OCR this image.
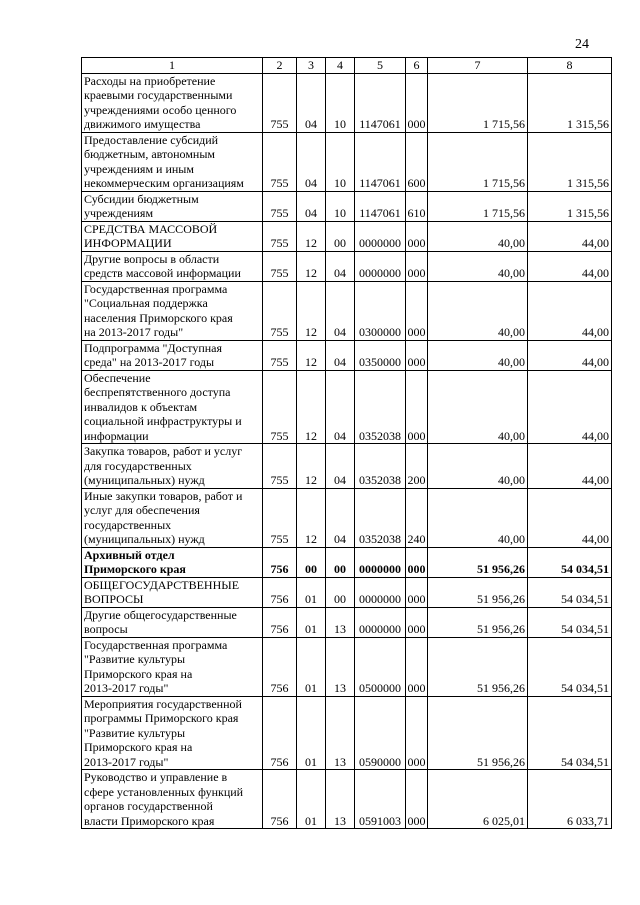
24
1	2	3	4	5	6	7	8

Расходы на приобретение
краевыми государственными
учреждениями особо ценного
движимого имущества	755	04	10	1147061	000	1 715,56	1 315,56

Предоставление субсидий
бюджетным, автономным
учреждениям и иным
некоммерческим организациям	755	04	10	1147061	600	1 715,56	1 315,56

Субсидии бюджетным
учреждениям	755	04	10	1147061	610	1 715,56	1 315,56

СРЕДСТВА МАССОВОЙ
ИНФОРМАЦИИ	755	12	00	0000000	000	40,00	44,00

Другие вопросы в области
средств массовой информации	755	12	04	0000000	000	40,00	44,00

Государственная программа
"Социальная поддержка
населения Приморского края
на 2013-2017 годы"	755	12	04	0300000	000	40,00	44,00

Подпрограмма "Доступная
среда" на 2013-2017 годы	755	12	04	0350000	000	40,00	44,00

Обеспечение
беспрепятственного доступа
инвалидов к объектам
социальной инфраструктуры и
информации	755	12	04	0352038	000	40,00	44,00

Закупка товаров, работ и услуг
для государственных
(муниципальных) нужд	755	12	04	0352038	200	40,00	44,00

Иные закупки товаров, работ и
услуг для обеспечения
государственных
(муниципальных) нужд	755	12	04	0352038	240	40,00	44,00

Архивный отдел
Приморского края	756	00	00	0000000	000	51 956,26	54 034,51

ОБЩЕГОСУДАРСТВЕННЫЕ
ВОПРОСЫ	756	01	00	0000000	000	51 956,26	54 034,51

Другие общегосударственные
вопросы	756	01	13	0000000	000	51 956,26	54 034,51

Государственная программа
"Развитие культуры
Приморского края на
2013-2017 годы"	756	01	13	0500000	000	51 956,26	54 034,51

Мероприятия государственной
программы Приморского края
"Развитие культуры
Приморского края на
2013-2017 годы"	756	01	13	0590000	000	51 956,26	54 034,51

Руководство и управление в
сфере установленных функций
органов государственной
власти Приморского края	756	01	13	0591003	000	6 025,01	6 033,71
